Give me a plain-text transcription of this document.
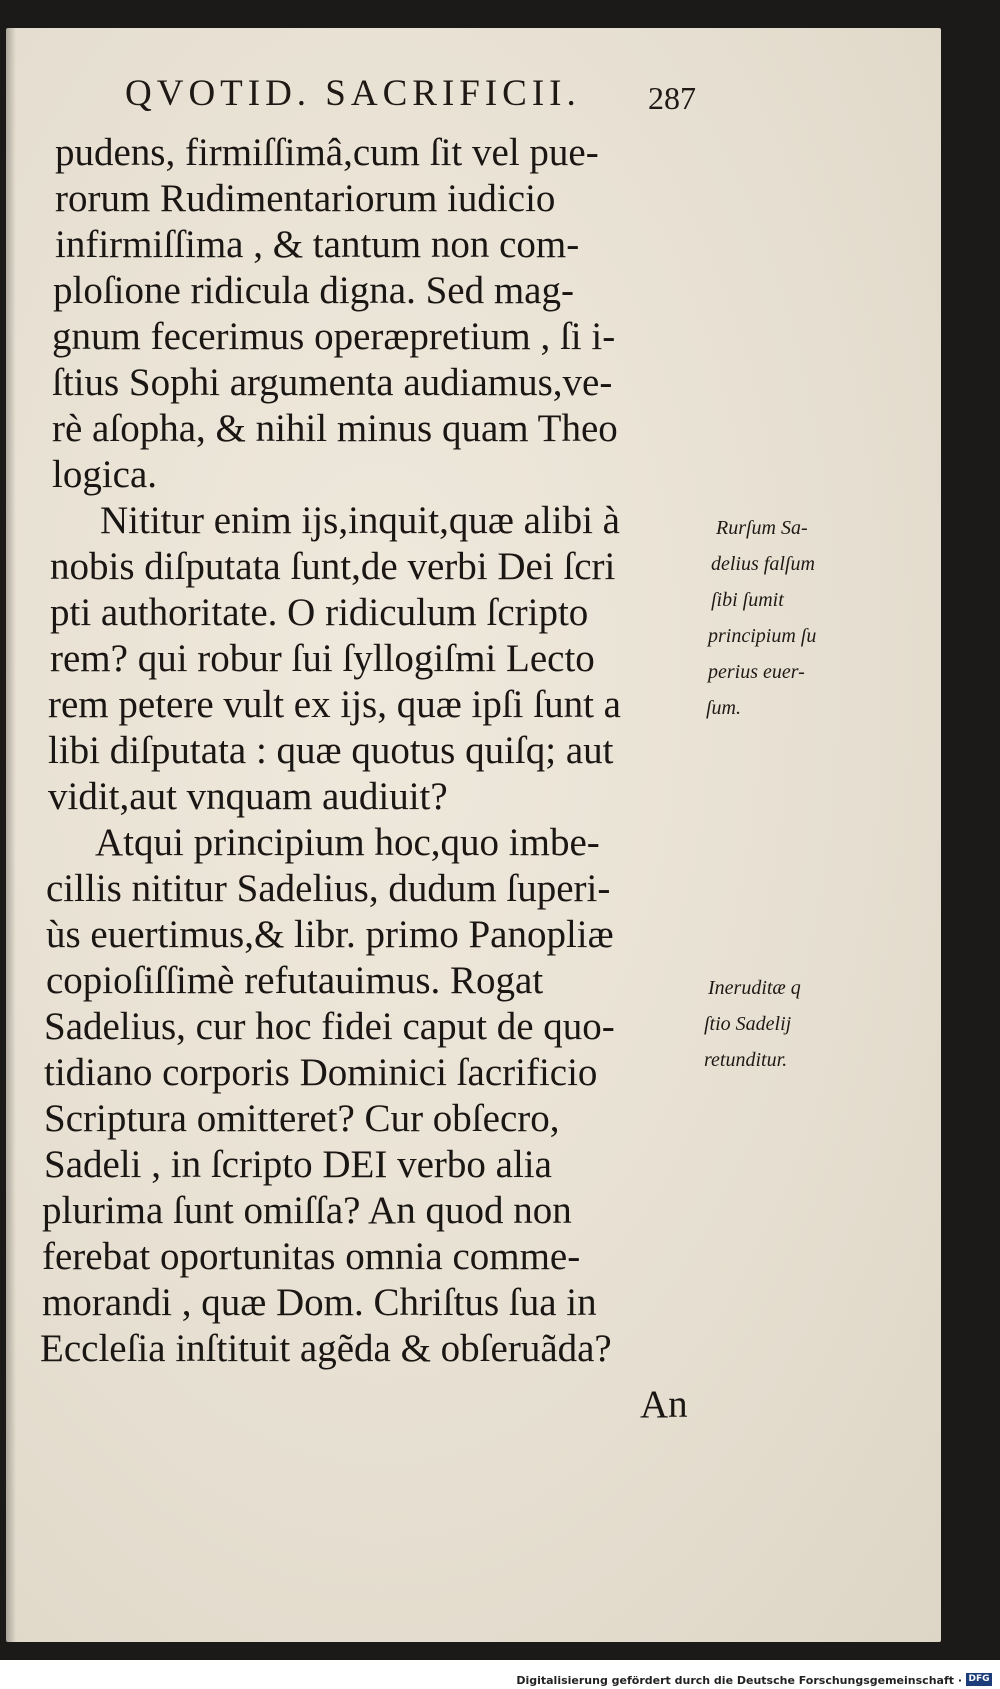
QVOTID. SACRIFICII. 287
pudens, firmiſſimâ,cum ſit vel pue-
rorum Rudimentariorum iudicio
infirmiſſima , & tantum non com-
ploſione ridicula digna. Sed mag-
gnum fecerimus operæpretium , ſi i-
ſtius Sophi argumenta audiamus,ve-
rè aſopha, & nihil minus quam Theo
logica.
Nititur enim ijs,inquit,quæ alibi à
nobis diſputata ſunt,de verbi Dei ſcri
pti authoritate. O ridiculum ſcripto
rem? qui robur ſui ſyllogiſmi Lecto
rem petere vult ex ijs, quæ ipſi ſunt a
libi diſputata : quæ quotus quiſq; aut
vidit,aut vnquam audiuit?
Atqui principium hoc,quo imbe-
cillis nititur Sadelius, dudum ſuperi-
ùs euertimus,& libr. primo Panopliæ
copioſiſſimè refutauimus. Rogat
Sadelius, cur hoc fidei caput de quo-
tidiano corporis Dominici ſacrificio
Scriptura omitteret? Cur obſecro,
Sadeli , in ſcripto DEI verbo alia
plurima ſunt omiſſa? An quod non
ferebat oportunitas omnia comme-
morandi , quæ Dom. Chriſtus ſua in
Eccleſia inſtituit agẽda & obſeruãda?
An
Rurſum Sa-
delius falſum
ſibi ſumit
principium ſu
perius euer-
ſum.
Ineruditæ q
ſtio Sadelij
retunditur.
Digitalisierung gefördert durch die Deutsche Forschungsgemeinschaft · DFG
